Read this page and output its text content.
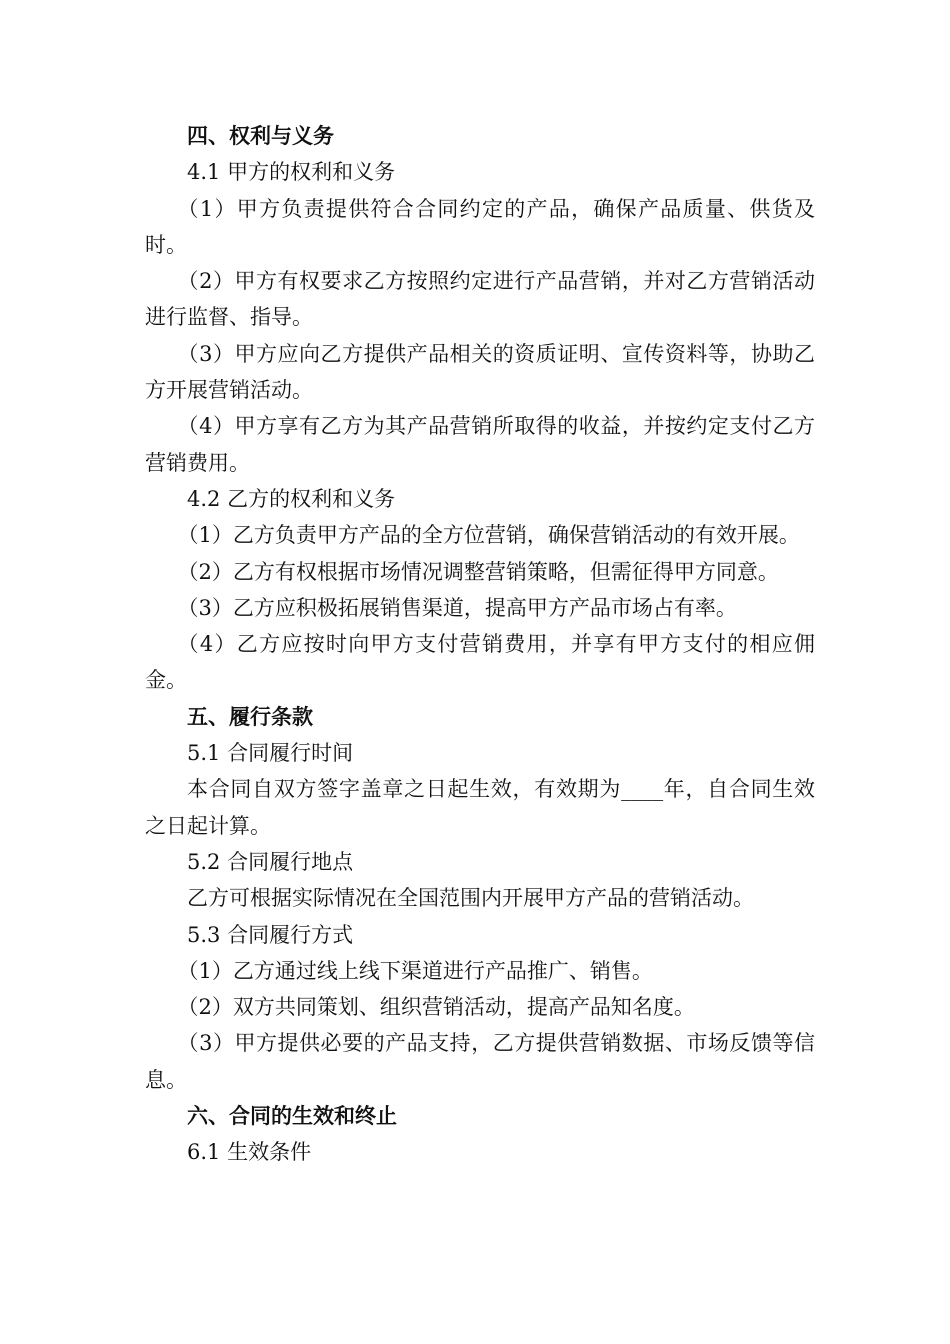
四、权利与义务

4.1 甲方的权利和义务

（1）甲方负责提供符合合同约定的产品，确保产品质量、供货及时。

（2）甲方有权要求乙方按照约定进行产品营销，并对乙方营销活动进行监督、指导。

（3）甲方应向乙方提供产品相关的资质证明、宣传资料等，协助乙方开展营销活动。

（4）甲方享有乙方为其产品营销所取得的收益，并按约定支付乙方营销费用。

4.2 乙方的权利和义务

（1）乙方负责甲方产品的全方位营销，确保营销活动的有效开展。

（2）乙方有权根据市场情况调整营销策略，但需征得甲方同意。

（3）乙方应积极拓展销售渠道，提高甲方产品市场占有率。

（4）乙方应按时向甲方支付营销费用，并享有甲方支付的相应佣金。

五、履行条款

5.1 合同履行时间

本合同自双方签字盖章之日起生效，有效期为____年，自合同生效之日起计算。

5.2 合同履行地点

乙方可根据实际情况在全国范围内开展甲方产品的营销活动。

5.3 合同履行方式

（1）乙方通过线上线下渠道进行产品推广、销售。

（2）双方共同策划、组织营销活动，提高产品知名度。

（3）甲方提供必要的产品支持，乙方提供营销数据、市场反馈等信息。

六、合同的生效和终止

6.1 生效条件
